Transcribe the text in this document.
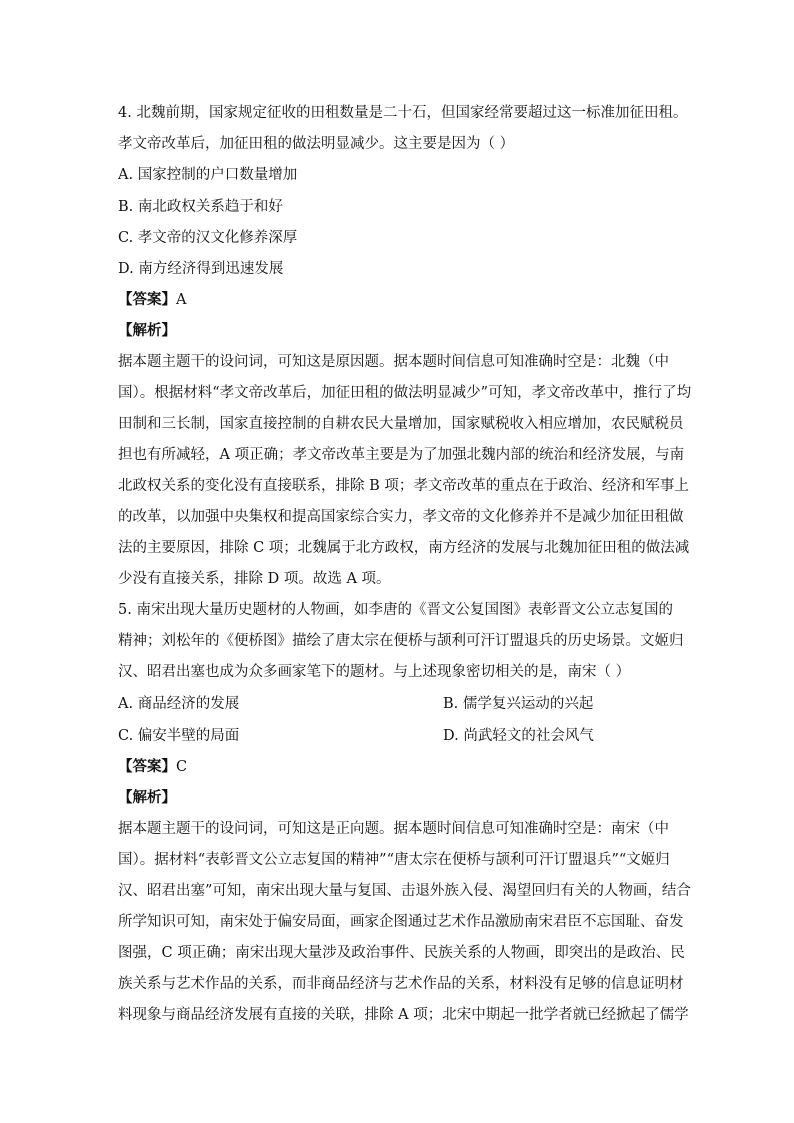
4. 北魏前期，国家规定征收的田租数量是二十石，但国家经常要超过这一标准加征田租。
孝文帝改革后，加征田租的做法明显减少。这主要是因为（ ）
A. 国家控制的户口数量增加
B. 南北政权关系趋于和好
C. 孝文帝的汉文化修养深厚
D. 南方经济得到迅速发展
【答案】A
【解析】
据本题主题干的设问词，可知这是原因题。据本题时间信息可知准确时空是：北魏（中
国）。根据材料“孝文帝改革后，加征田租的做法明显减少”可知，孝文帝改革中，推行了均
田制和三长制，国家直接控制的自耕农民大量增加，国家赋税收入相应增加，农民赋税员
担也有所减轻，A 项正确；孝文帝改革主要是为了加强北魏内部的统治和经济发展，与南
北政权关系的变化没有直接联系，排除 B 项；孝文帝改革的重点在于政治、经济和军事上
的改革，以加强中央集权和提高国家综合实力，孝文帝的文化修养并不是减少加征田租做
法的主要原因，排除 C 项；北魏属于北方政权，南方经济的发展与北魏加征田租的做法减
少没有直接关系，排除 D 项。故选 A 项。
5. 南宋出现大量历史题材的人物画，如李唐的《晋文公复国图》表彰晋文公立志复国的
精神；刘松年的《便桥图》描绘了唐太宗在便桥与颉利可汗订盟退兵的历史场景。文姬归
汉、昭君出塞也成为众多画家笔下的题材。与上述现象密切相关的是，南宋（ ）
A. 商品经济的发展	B. 儒学复兴运动的兴起
C. 偏安半壁的局面	D. 尚武轻文的社会风气
【答案】C
【解析】
据本题主题干的设问词，可知这是正向题。据本题时间信息可知准确时空是：南宋（中
国）。据材料“表彰晋文公立志复国的精神”“唐太宗在便桥与颉利可汗订盟退兵”“文姬归
汉、昭君出塞”可知，南宋出现大量与复国、击退外族入侵、渴望回归有关的人物画，结合
所学知识可知，南宋处于偏安局面，画家企图通过艺术作品激励南宋君臣不忘国耻、奋发
图强，C 项正确；南宋出现大量涉及政治事件、民族关系的人物画，即突出的是政治、民
族关系与艺术作品的关系，而非商品经济与艺术作品的关系，材料没有足够的信息证明材
料现象与商品经济发展有直接的关联，排除 A 项；北宋中期起一批学者就已经掀起了儒学
